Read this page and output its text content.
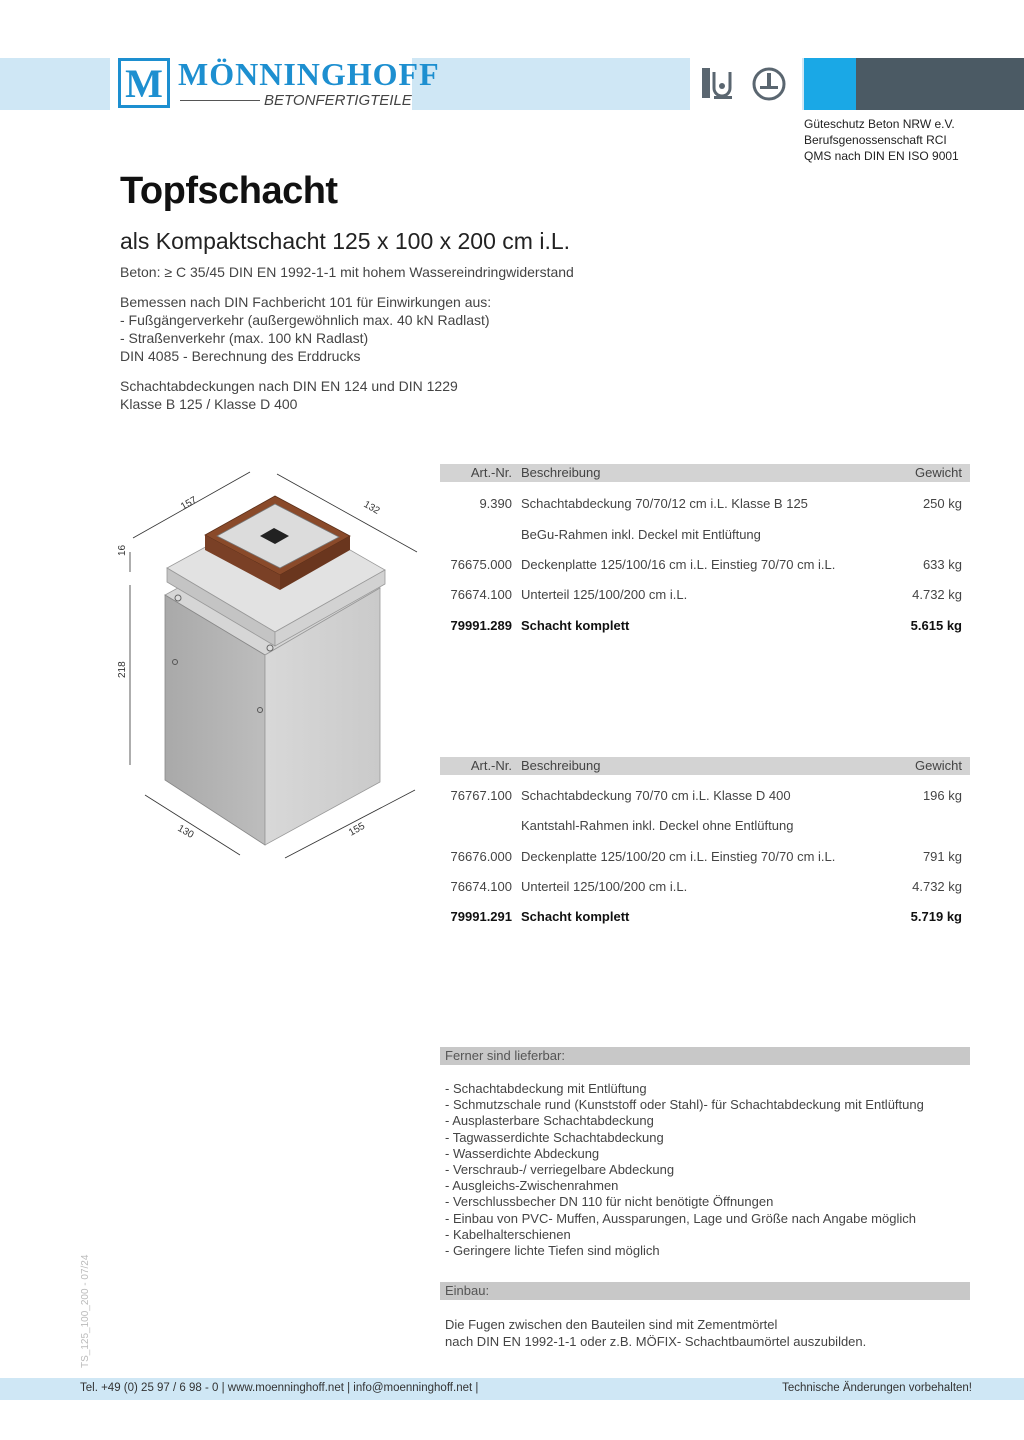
M MÖNNINGHOFF
BETONFERTIGTEILE
Güteschutz Beton NRW e.V.
Berufsgenossenschaft RCI
QMS nach DIN EN ISO 9001
Topfschacht
als Kompaktschacht 125 x 100 x 200 cm i.L.
Beton: ≥ C 35/45 DIN EN 1992-1-1 mit hohem Wassereindringwiderstand
Bemessen nach DIN Fachbericht 101 für Einwirkungen aus:
- Fußgängerverkehr (außergewöhnlich max. 40 kN Radlast)
- Straßenverkehr (max. 100 kN Radlast)
DIN 4085 - Berechnung des Erddrucks
Schachtabdeckungen nach DIN EN 124 und DIN 1229
Klasse B 125 / Klasse D 400
157	132
16
218
130	155
Art.-Nr. Beschreibung	Gewicht
9.390 Schachtabdeckung 70/70/12 cm i.L. Klasse B 125	250 kg
BeGu-Rahmen inkl. Deckel mit Entlüftung
76675.000 Deckenplatte 125/100/16 cm i.L. Einstieg 70/70 cm i.L.	633 kg
76674.100 Unterteil 125/100/200 cm i.L.	4.732 kg
79991.289 Schacht komplett	5.615 kg
Art.-Nr. Beschreibung	Gewicht
76767.100 Schachtabdeckung 70/70 cm i.L. Klasse D 400	196 kg
Kantstahl-Rahmen inkl. Deckel ohne Entlüftung
76676.000 Deckenplatte 125/100/20 cm i.L. Einstieg 70/70 cm i.L.	791 kg
76674.100 Unterteil 125/100/200 cm i.L.	4.732 kg
79991.291 Schacht komplett	5.719 kg
Ferner sind lieferbar:
- Schachtabdeckung mit Entlüftung
- Schmutzschale rund (Kunststoff oder Stahl)- für Schachtabdeckung mit Entlüftung
- Ausplasterbare Schachtabdeckung
- Tagwasserdichte Schachtabdeckung
- Wasserdichte Abdeckung
- Verschraub-/ verriegelbare Abdeckung
- Ausgleichs-Zwischenrahmen
- Verschlussbecher DN 110 für nicht benötigte Öffnungen
- Einbau von PVC- Muffen, Aussparungen, Lage und Größe nach Angabe möglich
- Kabelhalterschienen
- Geringere lichte Tiefen sind möglich
Einbau:
Die Fugen zwischen den Bauteilen sind mit Zementmörtel
nach DIN EN 1992-1-1 oder z.B. MÖFIX- Schachtbaumörtel auszubilden.
TS_125_100_200 - 07/24
Tel. +49 (0) 25 97 / 6 98 - 0 | www.moenninghoff.net | info@moenninghoff.net |	Technische Änderungen vorbehalten!
